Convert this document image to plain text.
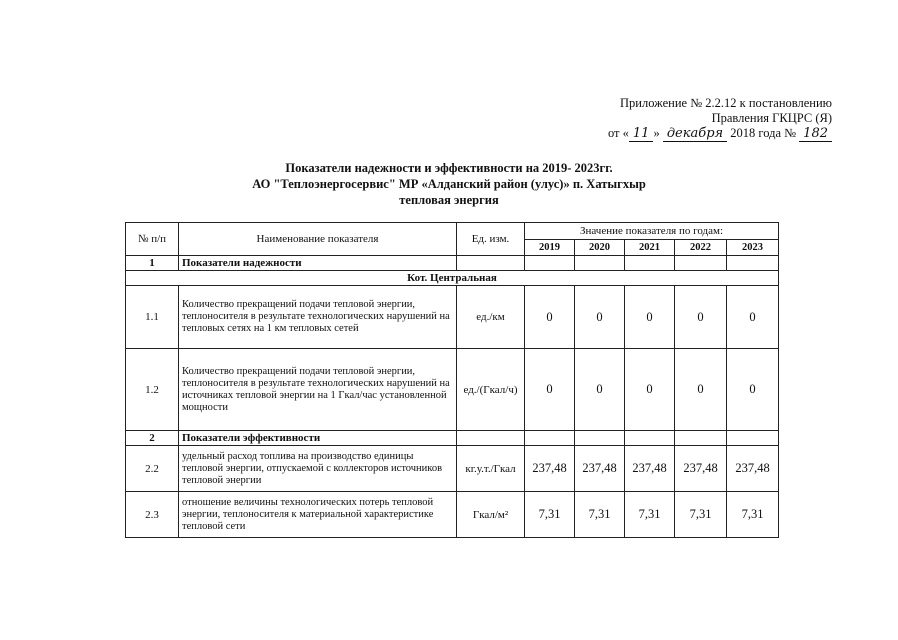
Приложение № 2.2.12 к постановлению
Правления ГКЦРС (Я)
от « 11 » декабря 2018 года № 182
Показатели надежности и эффективности на 2019- 2023гг.
АО "Теплоэнергосервис" МР «Алданский район (улус)» п. Хатыгхыр
тепловая энергия
№ п/п	Наименование показателя	Ед. изм.	Значение показателя по годам:				
			2019	2020	2021	2022	2023
1	Показатели надежности						
Кот. Центральная							
1.1	Количество прекращений подачи тепловой энергии, теплоносителя в результате технологических нарушений на тепловых сетях на 1 км тепловых сетей	ед./км	0	0	0	0	0
1.2	Количество прекращений подачи тепловой энергии, теплоносителя в результате технологических нарушений на источниках тепловой энергии на 1 Гкал/час установленной мощности	ед./(Гкал/ч)	0	0	0	0	0
2	Показатели эффективности						
2.2	удельный расход топлива на производство единицы тепловой энергии, отпускаемой с коллекторов источников тепловой энергии	кг.у.т./Гкал	237,48	237,48	237,48	237,48	237,48
2.3	отношение величины технологических потерь тепловой энергии, теплоносителя к материальной характеристике тепловой сети	Гкал/м²	7,31	7,31	7,31	7,31	7,31
